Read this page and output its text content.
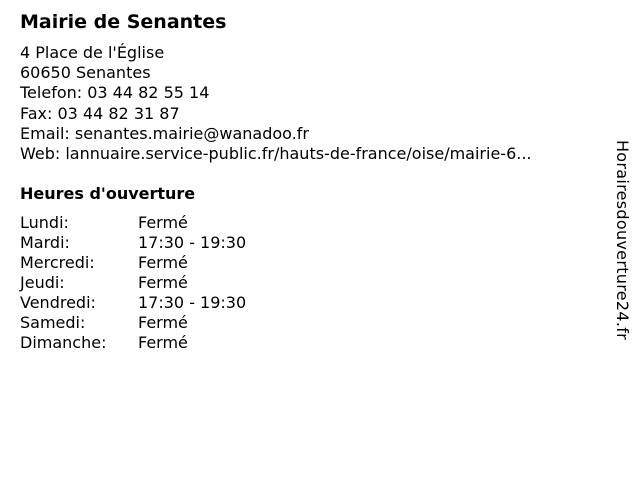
Mairie de Senantes
4 Place de l'Église
60650 Senantes
Telefon: 03 44 82 55 14
Fax: 03 44 82 31 87
Email: senantes.mairie@wanadoo.fr
Web: lannuaire.service-public.fr/hauts-de-france/oise/mairie-6...
Heures d'ouverture
Lundi:	Fermé
Mardi:	17:30 - 19:30
Mercredi:	Fermé
Jeudi:	Fermé
Vendredi:	17:30 - 19:30
Samedi:	Fermé
Dimanche: Fermé
Horairesdouverture24.fr
